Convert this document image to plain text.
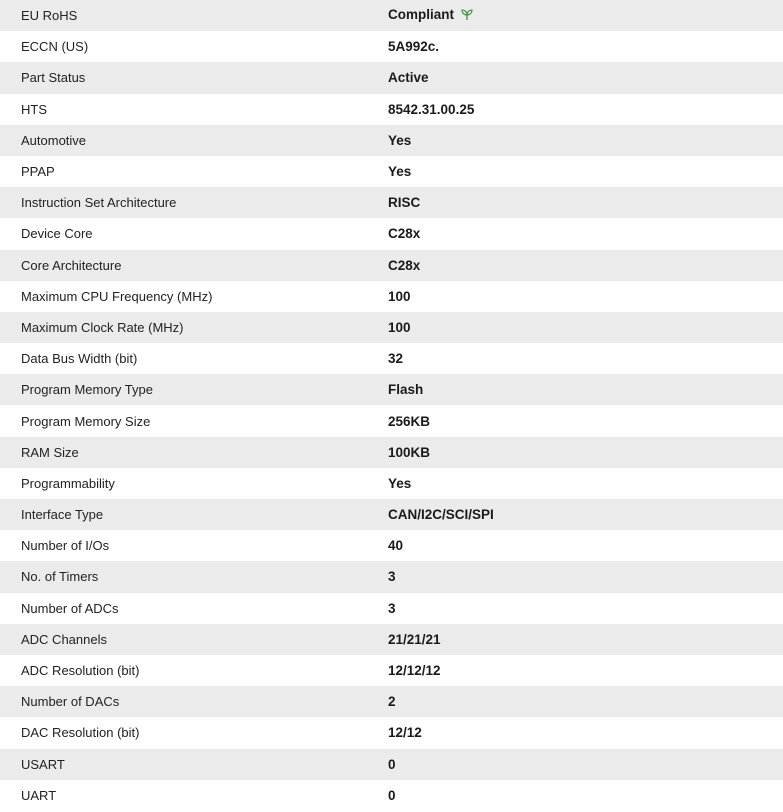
EU RoHS	Compliant
ECCN (US)	5A992c.
Part Status	Active
HTS	8542.31.00.25
Automotive	Yes
PPAP	Yes
Instruction Set Architecture	RISC
Device Core	C28x
Core Architecture	C28x
Maximum CPU Frequency (MHz)	100
Maximum Clock Rate (MHz)	100
Data Bus Width (bit)	32
Program Memory Type	Flash
Program Memory Size	256KB
RAM Size	100KB
Programmability	Yes
Interface Type	CAN/I2C/SCI/SPI
Number of I/Os	40
No. of Timers	3
Number of ADCs	3
ADC Channels	21/21/21
ADC Resolution (bit)	12/12/12
Number of DACs	2
DAC Resolution (bit)	12/12
USART	0
UART	0
